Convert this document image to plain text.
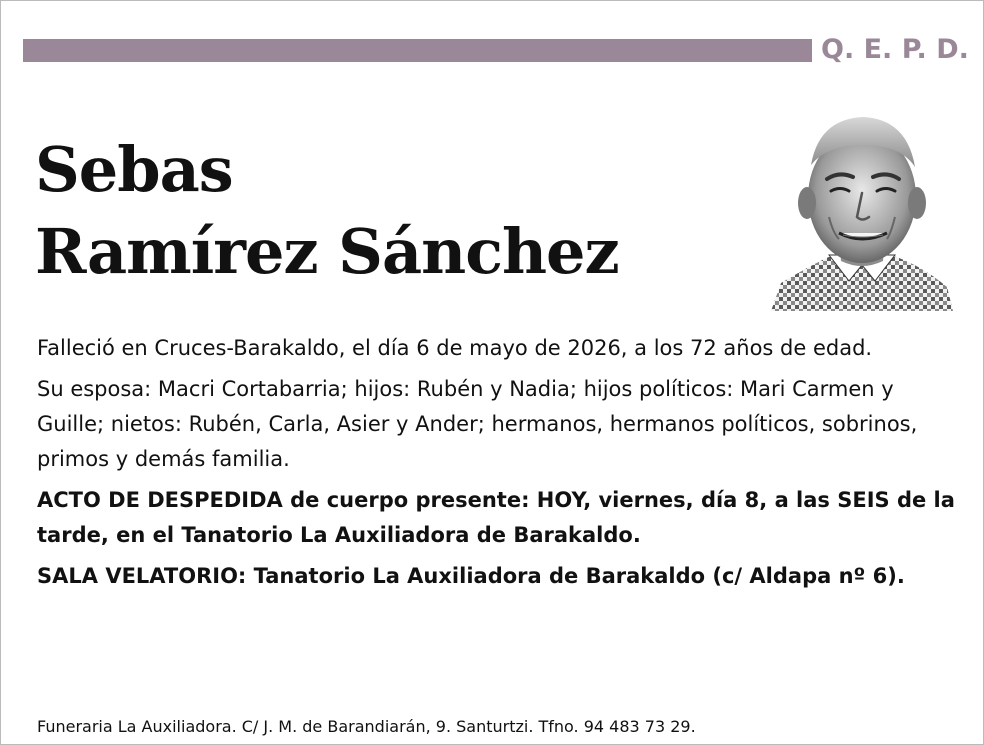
Q. E. P. D.
Sebas
Ramírez Sánchez

Falleció en Cruces-Barakaldo, el día 6 de mayo de 2026, a los 72 años de edad.

Su esposa: Macri Cortabarria; hijos: Rubén y Nadia; hijos políticos: Mari Carmen y Guille; nietos: Rubén, Carla, Asier y Ander; hermanos, hermanos políticos, sobrinos, primos y demás familia.

ACTO DE DESPEDIDA de cuerpo presente: HOY, viernes, día 8, a las SEIS de la tarde, en el Tanatorio La Auxiliadora de Barakaldo.

SALA VELATORIO: Tanatorio La Auxiliadora de Barakaldo (c/ Aldapa nº 6).

Funeraria La Auxiliadora. C/ J. M. de Barandiarán, 9. Santurtzi. Tfno. 94 483 73 29.
